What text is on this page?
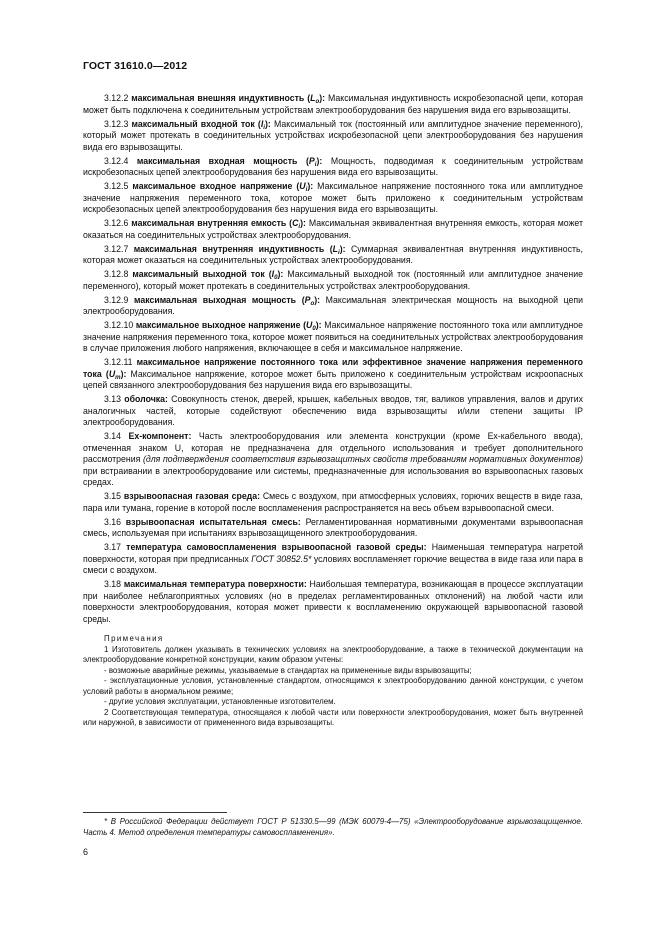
ГОСТ 31610.0—2012

3.12.2 максимальная внешняя индуктивность $(L_o)$: Максимальная индуктивность искробезопасной цепи, которая может быть подключена к соединительным устройствам электрооборудования без нарушения вида его взрывозащиты.

3.12.3 максимальный входной ток $(I_i)$: Максимальный ток (постоянный или амплитудное значение переменного), который может протекать в соединительных устройствах искробезопасной цепи электрооборудования без нарушения вида его взрывозащиты.

3.12.4 максимальная входная мощность $(P_i)$: Мощность, подводимая к соединительным устройствам искробезопасных цепей электрооборудования без нарушения вида его взрывозащиты.

3.12.5 максимальное входное напряжение $(U_i)$: Максимальное напряжение постоянного тока или амплитудное значение напряжения переменного тока, которое может быть приложено к соединительным устройствам искробезопасных цепей электрооборудования без нарушения вида его взрывозащиты.

3.12.6 максимальная внутренняя емкость $(C_i)$: Максимальная эквивалентная внутренняя емкость, которая может оказаться на соединительных устройствах электрооборудования.

3.12.7 максимальная внутренняя индуктивность $(L_i)$: Суммарная эквивалентная внутренняя индуктивность, которая может оказаться на соединительных устройствах электрооборудования.

3.12.8 максимальный выходной ток $(I_0)$: Максимальный выходной ток (постоянный или амплитудное значение переменного), который может протекать в соединительных устройствах электрооборудования.

3.12.9 максимальная выходная мощность $(P_o)$: Максимальная электрическая мощность на выходной цепи электрооборудования.

3.12.10 максимальное выходное напряжение $(U_0)$: Максимальное напряжение постоянного тока или амплитудное значение напряжения переменного тока, которое может появиться на соединительных устройствах электрооборудования в случае приложения любого напряжения, включающее в себя и максимальное напряжение.

3.12.11 максимальное напряжение постоянного тока или эффективное значение напряжения переменного тока $(U_m)$: Максимальное напряжение, которое может быть приложено к соединительным устройствам искроопасных цепей связанного электрооборудования без нарушения вида его взрывозащиты.

3.13 оболочка: Совокупность стенок, дверей, крышек, кабельных вводов, тяг, валиков управления, валов и других аналогичных частей, которые содействуют обеспечению вида взрывозащиты и/или степени защиты IP электрооборудования.

3.14 Ex-компонент: Часть электрооборудования или элемента конструкции (кроме Ex-кабельного ввода), отмеченная знаком U, которая не предназначена для отдельного использования и требует дополнительного рассмотрения (для подтверждения соответствия взрывозащитных свойств требованиям нормативных документов) при встраивании в электрооборудование или системы, предназначенные для использования во взрывоопасных газовых средах.

3.15 взрывоопасная газовая среда: Смесь с воздухом, при атмосферных условиях, горючих веществ в виде газа, пара или тумана, горение в которой после воспламенения распространяется на весь объем взрывоопасной смеси.

3.16 взрывоопасная испытательная смесь: Регламентированная нормативными документами взрывоопасная смесь, используемая при испытаниях взрывозащищенного электрооборудования.

3.17 температура самовоспламенения взрывоопасной газовой среды: Наименьшая температура нагретой поверхности, которая при предписанных ГОСТ 30852.5* условиях воспламеняет горючие вещества в виде газа или пара в смеси с воздухом.

3.18 максимальная температура поверхности: Наибольшая температура, возникающая в процессе эксплуатации при наиболее неблагоприятных условиях (но в пределах регламентированных отклонений) на любой части или поверхности электрооборудования, которая может привести к воспламенению окружающей взрывоопасной газовой среды.

Примечания

1 Изготовитель должен указывать в технических условиях на электрооборудование, а также в технической документации на электрооборудование конкретной конструкции, каким образом учтены:

- возможные аварийные режимы, указываемые в стандартах на примененные виды взрывозащиты;

- эксплуатационные условия, установленные стандартом, относящимся к электрооборудованию данной конструкции, с учетом условий работы в анормальном режиме;

- другие условия эксплуатации, установленные изготовителем.

2 Соответствующая температура, относящаяся к любой части или поверхности электрооборудования, может быть внутренней или наружной, в зависимости от примененного вида взрывозащиты.

* В Российской Федерации действует ГОСТ Р 51330.5—99 (МЭК 60079-4—75) «Электрооборудование взрывозащищенное. Часть 4. Метод определения температуры самовоспламенения».

6
